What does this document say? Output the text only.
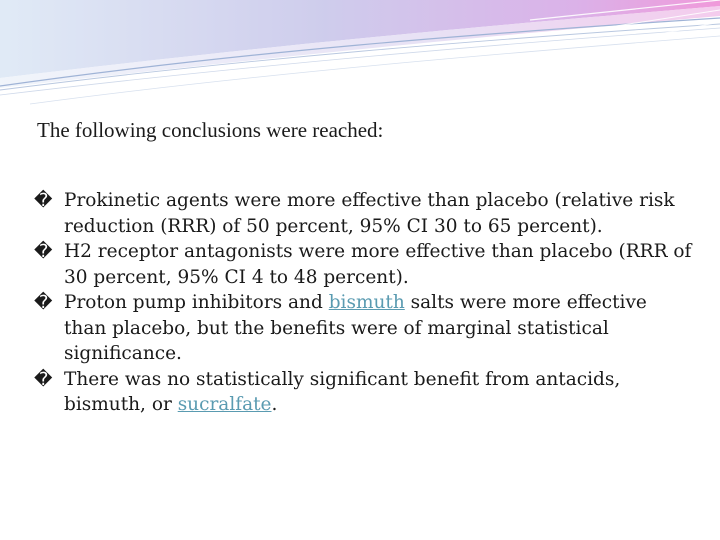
The following conclusions were reached:
� Prokinetic agents were more effective than placebo (relative risk reduction (RRR) of 50 percent, 95% CI 30 to 65 percent).
� H2 receptor antagonists were more effective than placebo (RRR of 30 percent, 95% CI 4 to 48 percent).
� Proton pump inhibitors and bismuth salts were more effective than placebo, but the benefits were of marginal statistical significance.
� There was no statistically significant benefit from antacids, bismuth, or sucralfate.
